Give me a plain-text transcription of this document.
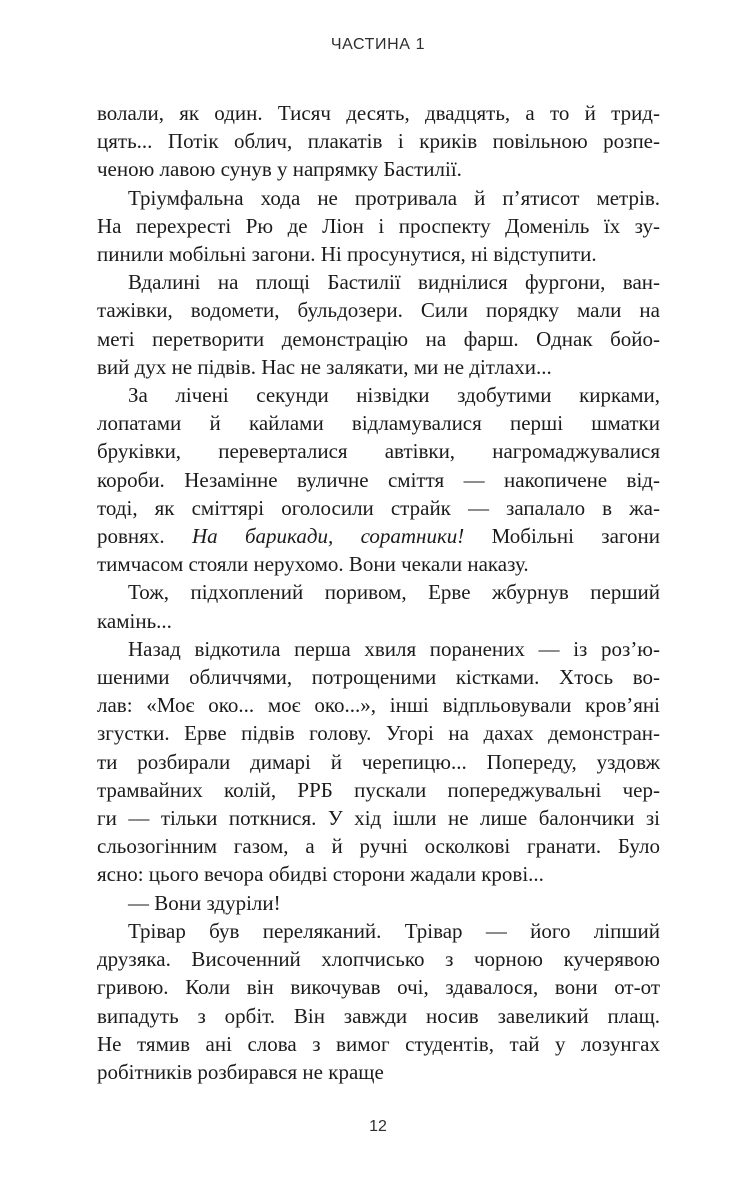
ЧАСТИНА 1

волали, як один. Тисяч десять, двадцять, а то й трид-
цять... Потік облич, плакатів і криків повільною розпе-
ченою лавою сунув у напрямку Бастилії.

Тріумфальна хода не протривала й п’ятисот метрів.
На перехресті Рю де Ліон і проспекту Доменіль їх зу-
пинили мобільні загони. Ні просунутися, ні відступити.

Вдалині на площі Бастилії виднілися фургони, ван-
тажівки, водомети, бульдозери. Сили порядку мали на
меті перетворити демонстрацію на фарш. Однак бойо-
вий дух не підвів. Нас не залякати, ми не дітлахи...

За лічені секунди нізвідки здобутими кирками,
лопатами й кайлами відламувалися перші шматки
бруківки, переверталися автівки, нагромаджувалися
короби. Незамінне вуличне сміття — накопичене від-
тоді, як сміттярі оголосили страйк — запалало в жа-
ровнях. На барикади, соратники! Мобільні загони
тимчасом стояли нерухомо. Вони чекали наказу.

Тож, підхоплений поривом, Ерве жбурнув перший
камінь...

Назад відкотила перша хвиля поранених — із роз’ю-
шеними обличчями, потрощеними кістками. Хтось во-
лав: «Моє око... моє око...», інші відпльовували кров’яні
згустки. Ерве підвів голову. Угорі на дахах демонстран-
ти розбирали димарі й черепицю... Попереду, уздовж
трамвайних колій, РРБ пускали попереджувальні чер-
ги — тільки поткнися. У хід ішли не лише балончики зі
сльозогінним газом, а й ручні осколкові гранати. Було
ясно: цього вечора обидві сторони жадали крові...

— Вони здуріли!

Трівар був переляканий. Трівар — його ліпший
друзяка. Височенний хлопчисько з чорною кучерявою
гривою. Коли він викочував очі, здавалося, вони от-от
випадуть з орбіт. Він завжди носив завеликий плащ.
Не тямив ані слова з вимог студентів, тай у лозунгах
робітників розбирався не краще

12
